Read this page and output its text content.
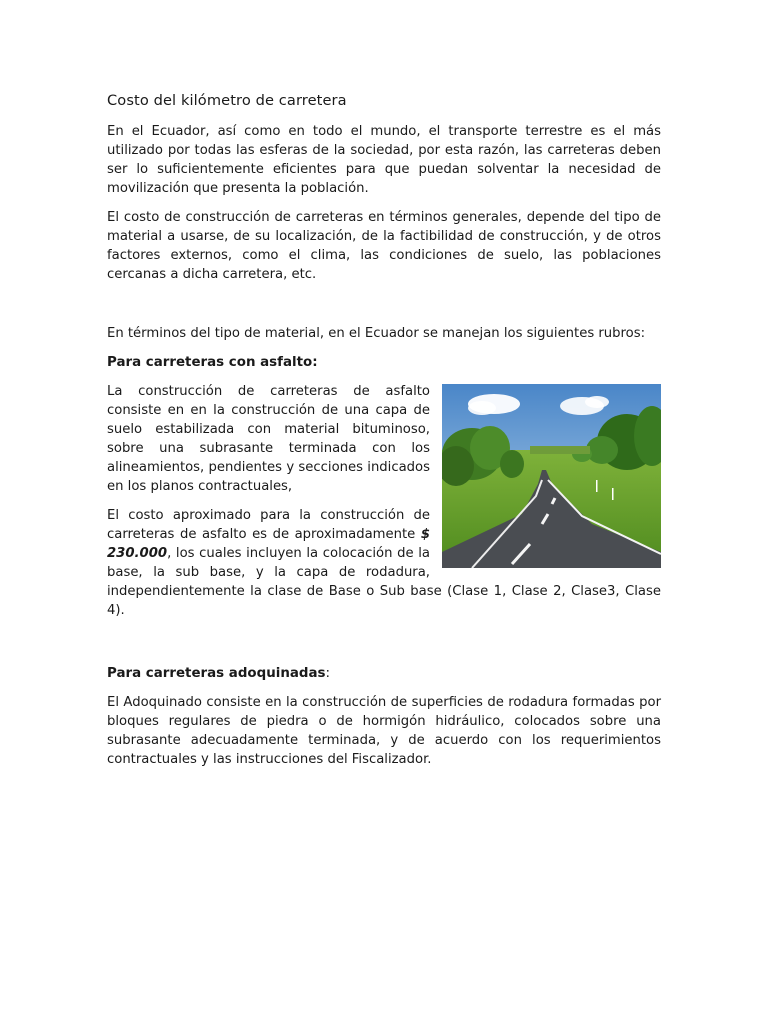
Costo del kilómetro de carretera

En el Ecuador, así como en todo el mundo, el transporte terrestre es el más utilizado por todas las esferas de la sociedad, por esta razón, las carreteras deben ser lo suficientemente eficientes para que puedan solventar la necesidad de movilización que presenta la población.

El costo de construcción de carreteras en términos generales, depende del tipo de material a usarse, de su localización, de la factibilidad de construcción, y de otros factores externos, como el clima, las condiciones de suelo, las poblaciones cercanas a dicha carretera, etc.

En términos del tipo de material, en el Ecuador se manejan los siguientes rubros:

Para carreteras con asfalto:

La construcción de carreteras de asfalto consiste en en la construcción de una capa de suelo estabilizada con material bituminoso, sobre una subrasante terminada con los alineamientos, pendientes y secciones indicados en los planos contractuales,

El costo aproximado para la construcción de carreteras de asfalto es de aproximadamente $ 230.000, los cuales incluyen la colocación de la base, la sub base, y la capa de rodadura, independientemente la clase de Base o Sub base (Clase 1, Clase 2, Clase3, Clase 4).

Para carreteras adoquinadas:

El Adoquinado consiste en la construcción de superficies de rodadura formadas por bloques regulares de piedra o de hormigón hidráulico, colocados sobre una subrasante adecuadamente terminada, y de acuerdo con los requerimientos contractuales y las instrucciones del Fiscalizador.
